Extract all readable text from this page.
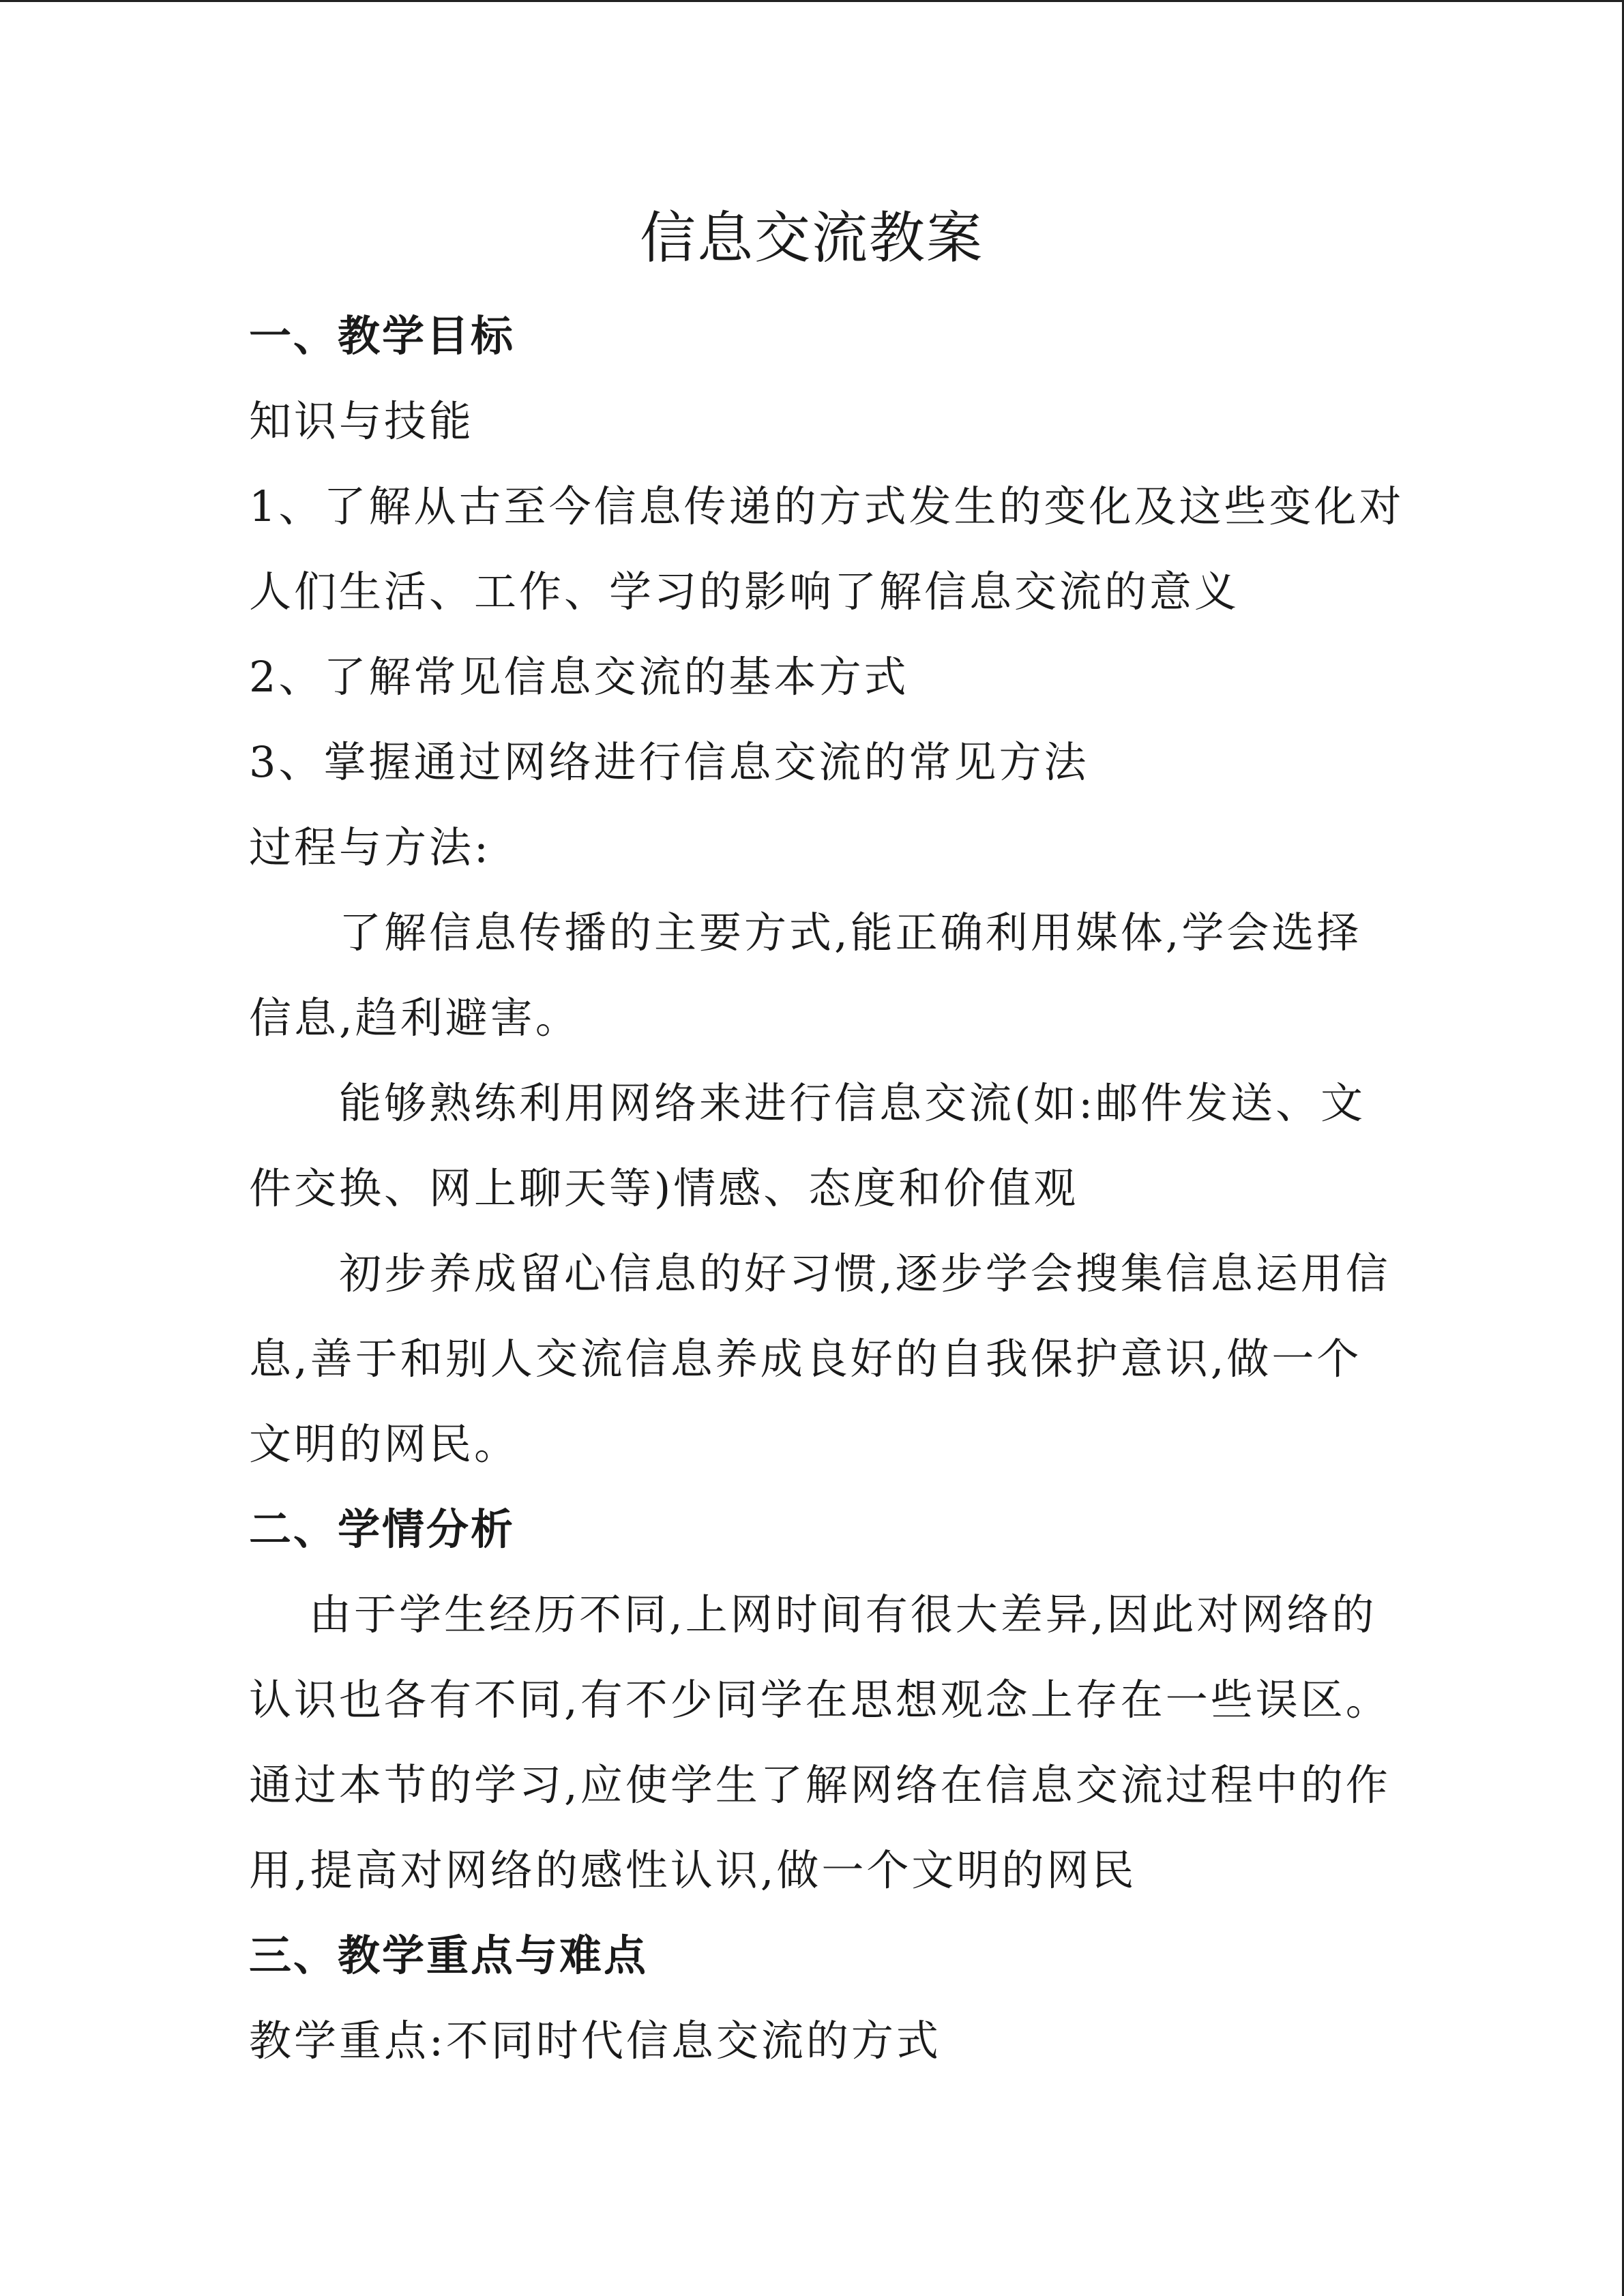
信息交流教案
一、教学目标
知识与技能
1、了解从古至今信息传递的方式发生的变化及这些变化对
人们生活、工作、学习的影响了解信息交流的意义
2、了解常见信息交流的基本方式
3、掌握通过网络进行信息交流的常见方法
过程与方法:
了解信息传播的主要方式,能正确利用媒体,学会选择
信息,趋利避害。
能够熟练利用网络来进行信息交流(如:邮件发送、文
件交换、网上聊天等)情感、态度和价值观
初步养成留心信息的好习惯,逐步学会搜集信息运用信
息,善于和别人交流信息养成良好的自我保护意识,做一个
文明的网民。
二、学情分析
由于学生经历不同,上网时间有很大差异,因此对网络的
认识也各有不同,有不少同学在思想观念上存在一些误区。
通过本节的学习,应使学生了解网络在信息交流过程中的作
用,提高对网络的感性认识,做一个文明的网民
三、教学重点与难点
教学重点:不同时代信息交流的方式
